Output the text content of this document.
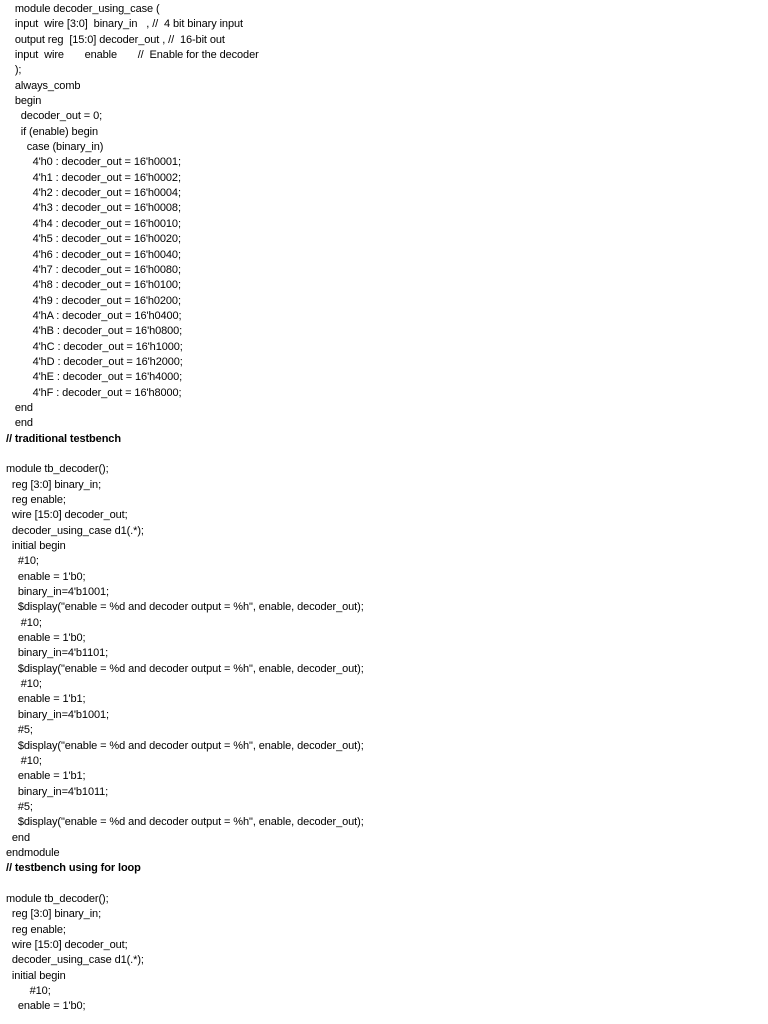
module decoder_using_case (
input  wire [3:0]  binary_in   , //  4 bit binary input
output reg  [15:0] decoder_out , //  16-bit out
input  wire       enable       //  Enable for the decoder
);
always_comb
begin
decoder_out = 0;
if (enable) begin
case (binary_in)
4'h0 : decoder_out = 16'h0001;
4'h1 : decoder_out = 16'h0002;
4'h2 : decoder_out = 16'h0004;
4'h3 : decoder_out = 16'h0008;
4'h4 : decoder_out = 16'h0010;
4'h5 : decoder_out = 16'h0020;
4'h6 : decoder_out = 16'h0040;
4'h7 : decoder_out = 16'h0080;
4'h8 : decoder_out = 16'h0100;
4'h9 : decoder_out = 16'h0200;
4'hA : decoder_out = 16'h0400;
4'hB : decoder_out = 16'h0800;
4'hC : decoder_out = 16'h1000;
4'hD : decoder_out = 16'h2000;
4'hE : decoder_out = 16'h4000;
4'hF : decoder_out = 16'h8000;
end
end
// traditional testbench
module tb_decoder();
reg [3:0] binary_in;
reg enable;
wire [15:0] decoder_out;
decoder_using_case d1(.*);
initial begin
#10;
enable = 1'b0;
binary_in=4'b1001;
$display("enable = %d and decoder output = %h", enable, decoder_out);
#10;
enable = 1'b0;
binary_in=4'b1101;
$display("enable = %d and decoder output = %h", enable, decoder_out);
#10;
enable = 1'b1;
binary_in=4'b1001;
#5;
$display("enable = %d and decoder output = %h", enable, decoder_out);
#10;
enable = 1'b1;
binary_in=4'b1011;
#5;
$display("enable = %d and decoder output = %h", enable, decoder_out);
end
endmodule
// testbench using for loop
module tb_decoder();
reg [3:0] binary_in;
reg enable;
wire [15:0] decoder_out;
decoder_using_case d1(.*);
initial begin
#10;
enable = 1'b0;
